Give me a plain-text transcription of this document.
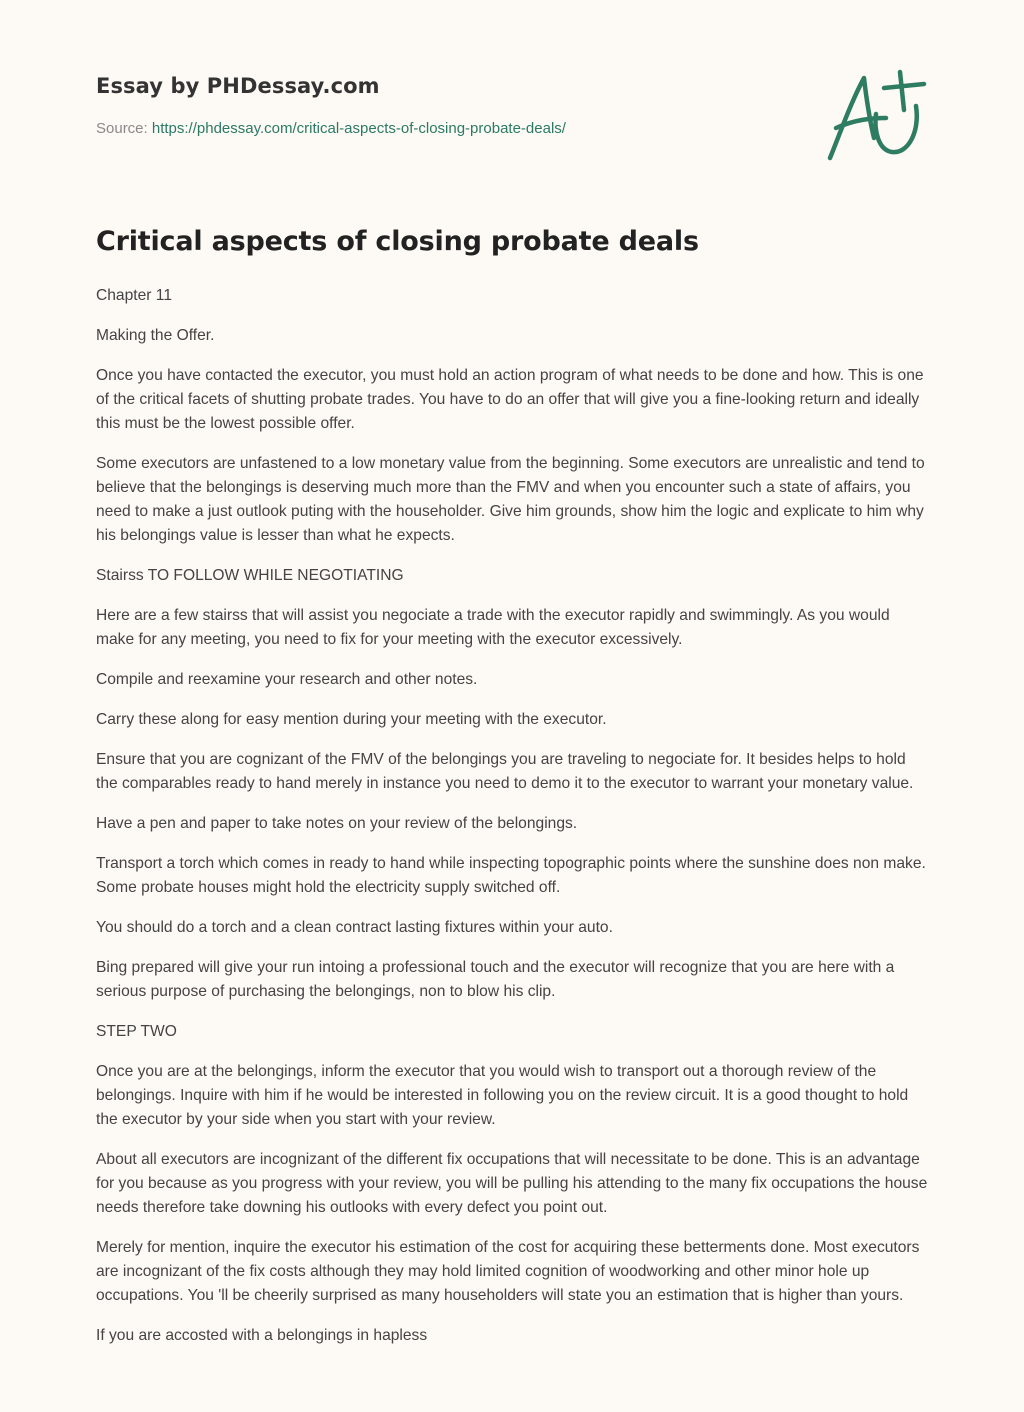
Essay by PHDessay.com
Source: https://phdessay.com/critical-aspects-of-closing-probate-deals/
Critical aspects of closing probate deals

Chapter 11

Making the Offer.

Once you have contacted the executor, you must hold an action program of what needs to be done and how. This is one of the critical facets of shutting probate trades. You have to do an offer that will give you a fine-looking return and ideally this must be the lowest possible offer.

Some executors are unfastened to a low monetary value from the beginning. Some executors are unrealistic and tend to believe that the belongings is deserving much more than the FMV and when you encounter such a state of affairs, you need to make a just outlook puting with the householder. Give him grounds, show him the logic and explicate to him why his belongings value is lesser than what he expects.

Stairss TO FOLLOW WHILE NEGOTIATING

Here are a few stairss that will assist you negociate a trade with the executor rapidly and swimmingly. As you would make for any meeting, you need to fix for your meeting with the executor excessively.

Compile and reexamine your research and other notes.

Carry these along for easy mention during your meeting with the executor.

Ensure that you are cognizant of the FMV of the belongings you are traveling to negociate for. It besides helps to hold the comparables ready to hand merely in instance you need to demo it to the executor to warrant your monetary value.

Have a pen and paper to take notes on your review of the belongings.

Transport a torch which comes in ready to hand while inspecting topographic points where the sunshine does non make. Some probate houses might hold the electricity supply switched off.

You should do a torch and a clean contract lasting fixtures within your auto.

Bing prepared will give your run intoing a professional touch and the executor will recognize that you are here with a serious purpose of purchasing the belongings, non to blow his clip.

STEP TWO

Once you are at the belongings, inform the executor that you would wish to transport out a thorough review of the belongings. Inquire with him if he would be interested in following you on the review circuit. It is a good thought to hold the executor by your side when you start with your review.

About all executors are incognizant of the different fix occupations that will necessitate to be done. This is an advantage for you because as you progress with your review, you will be pulling his attending to the many fix occupations the house needs therefore take downing his outlooks with every defect you point out.

Merely for mention, inquire the executor his estimation of the cost for acquiring these betterments done. Most executors are incognizant of the fix costs although they may hold limited cognition of woodworking and other minor hole up occupations. You 'll be cheerily surprised as many householders will state you an estimation that is higher than yours.

If you are accosted with a belongings in hapless
